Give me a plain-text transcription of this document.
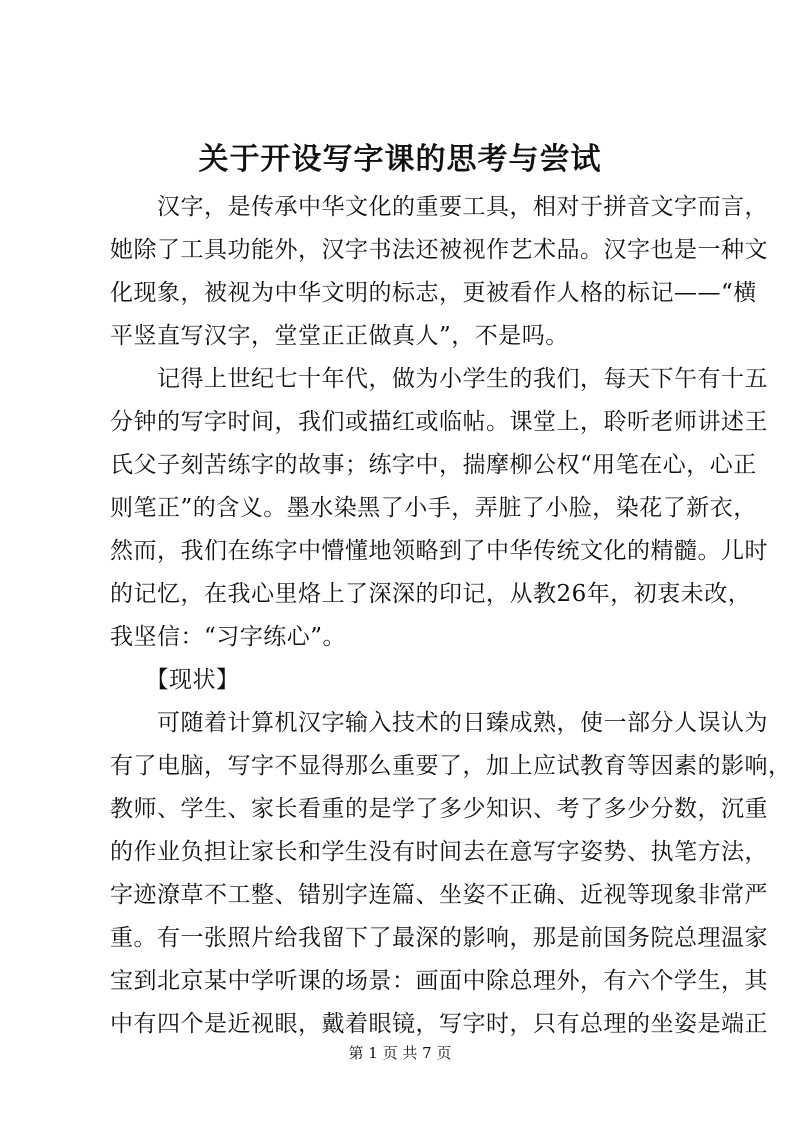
关于开设写字课的思考与尝试

　　汉字，是传承中华文化的重要工具，相对于拼音文字而言，

她除了工具功能外，汉字书法还被视作艺术品。汉字也是一种文

化现象，被视为中华文明的标志，更被看作人格的标记——“横

平竖直写汉字，堂堂正正做真人”，不是吗。

　　记得上世纪七十年代，做为小学生的我们，每天下午有十五

分钟的写字时间，我们或描红或临帖。课堂上，聆听老师讲述王

氏父子刻苦练字的故事；练字中，揣摩柳公权“用笔在心，心正

则笔正”的含义。墨水染黑了小手，弄脏了小脸，染花了新衣，

然而，我们在练字中懵懂地领略到了中华传统文化的精髓。儿时

的记忆，在我心里烙上了深深的印记，从教26年，初衷未改，

我坚信：“习字练心”。

　　【现状】

　　可随着计算机汉字输入技术的日臻成熟，使一部分人误认为

有了电脑，写字不显得那么重要了，加上应试教育等因素的影响，

教师、学生、家长看重的是学了多少知识、考了多少分数，沉重

的作业负担让家长和学生没有时间去在意写字姿势、执笔方法，

字迹潦草不工整、错别字连篇、坐姿不正确、近视等现象非常严

重。有一张照片给我留下了最深的影响，那是前国务院总理温家

宝到北京某中学听课的场景：画面中除总理外，有六个学生，其

中有四个是近视眼，戴着眼镜，写字时，只有总理的坐姿是端正

第 1 页 共 7 页
